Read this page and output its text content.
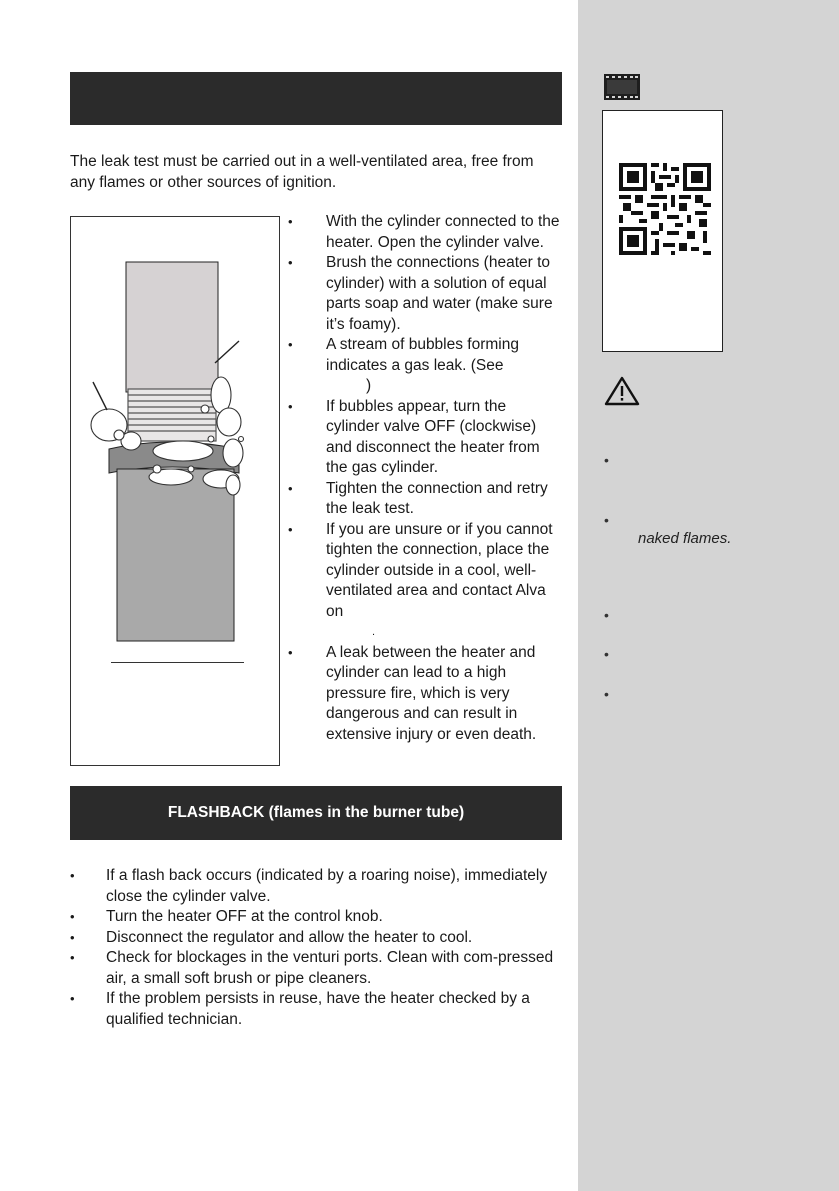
The leak test must be carried out in a well-ventilated area, free from any flames or other sources of ignition.

• With the cylinder connected to the heater. Open the cylinder valve.
• Brush the connections (heater to cylinder) with a solution of equal parts soap and water (make sure it’s foamy).
• A stream of bubbles forming indicates a gas leak. (See
)
• If bubbles appear, turn the cylinder valve OFF (clockwise) and disconnect the heater from the gas cylinder.
• Tighten the connection and retry the leak test.
• If you are unsure or if you cannot tighten the connection, place the cylinder outside in a cool, well-ventilated area and contact Alva on
.
• A leak between the heater and cylinder can lead to a high pressure fire, which is very dangerous and can result in extensive injury or even death.
FLASHBACK (flames in the burner tube)
• If a flash back occurs (indicated by a roaring noise), immediately close the cylinder valve.
• Turn the heater OFF at the control knob.
• Disconnect the regulator and allow the heater to cool.
• Check for blockages in the venturi ports. Clean with com-pressed air, a small soft brush or pipe cleaners.
• If the problem persists in reuse, have the heater checked by a qualified technician.
•
•
naked flames.
•
•
•
